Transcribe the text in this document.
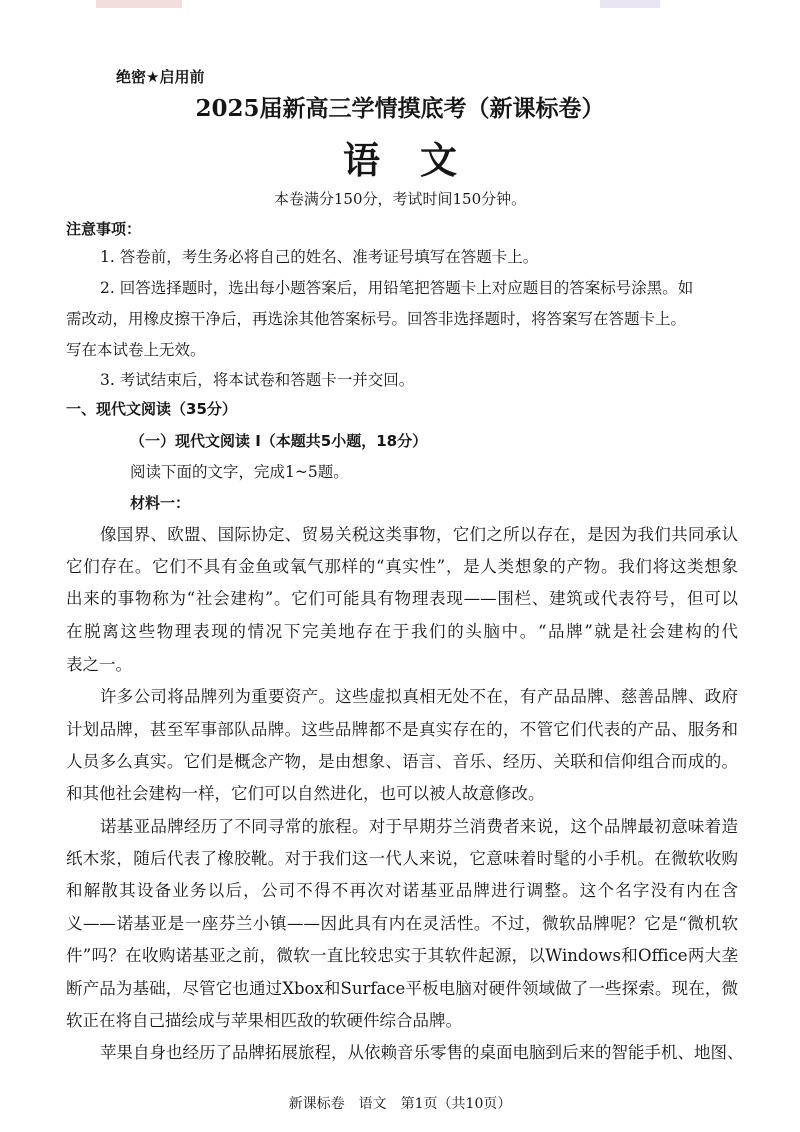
绝密★启用前
2025届新高三学情摸底考（新课标卷）
语文
本卷满分150分，考试时间150分钟。
注意事项：
1. 答卷前，考生务必将自己的姓名、准考证号填写在答题卡上。
2. 回答选择题时，选出每小题答案后，用铅笔把答题卡上对应题目的答案标号涂黑。如
需改动，用橡皮擦干净后，再选涂其他答案标号。回答非选择题时，将答案写在答题卡上。
写在本试卷上无效。
3. 考试结束后，将本试卷和答题卡一并交回。
一、现代文阅读（35分）
（一）现代文阅读 I（本题共5小题，18分）
阅读下面的文字，完成1~5题。
材料一：
像国界、欧盟、国际协定、贸易关税这类事物，它们之所以存在，是因为我们共同承认
它们存在。它们不具有金鱼或氧气那样的“真实性”，是人类想象的产物。我们将这类想象
出来的事物称为“社会建构”。它们可能具有物理表现——围栏、建筑或代表符号，但可以
在脱离这些物理表现的情况下完美地存在于我们的头脑中。“品牌”就是社会建构的代
表之一。
许多公司将品牌列为重要资产。这些虚拟真相无处不在，有产品品牌、慈善品牌、政府
计划品牌，甚至军事部队品牌。这些品牌都不是真实存在的，不管它们代表的产品、服务和
人员多么真实。它们是概念产物，是由想象、语言、音乐、经历、关联和信仰组合而成的。
和其他社会建构一样，它们可以自然进化，也可以被人故意修改。
诺基亚品牌经历了不同寻常的旅程。对于早期芬兰消费者来说，这个品牌最初意味着造
纸木浆，随后代表了橡胶靴。对于我们这一代人来说，它意味着时髦的小手机。在微软收购
和解散其设备业务以后，公司不得不再次对诺基亚品牌进行调整。这个名字没有内在含
义——诺基亚是一座芬兰小镇——因此具有内在灵活性。不过，微软品牌呢？它是“微机软
件”吗？在收购诺基亚之前，微软一直比较忠实于其软件起源，以Windows和Office两大垄
断产品为基础，尽管它也通过Xbox和Surface平板电脑对硬件领域做了一些探索。现在，微
软正在将自己描绘成与苹果相匹敌的软硬件综合品牌。
苹果自身也经历了品牌拓展旅程，从依赖音乐零售的桌面电脑到后来的智能手机、地图、
新课标卷 语文 第1页（共10页）
